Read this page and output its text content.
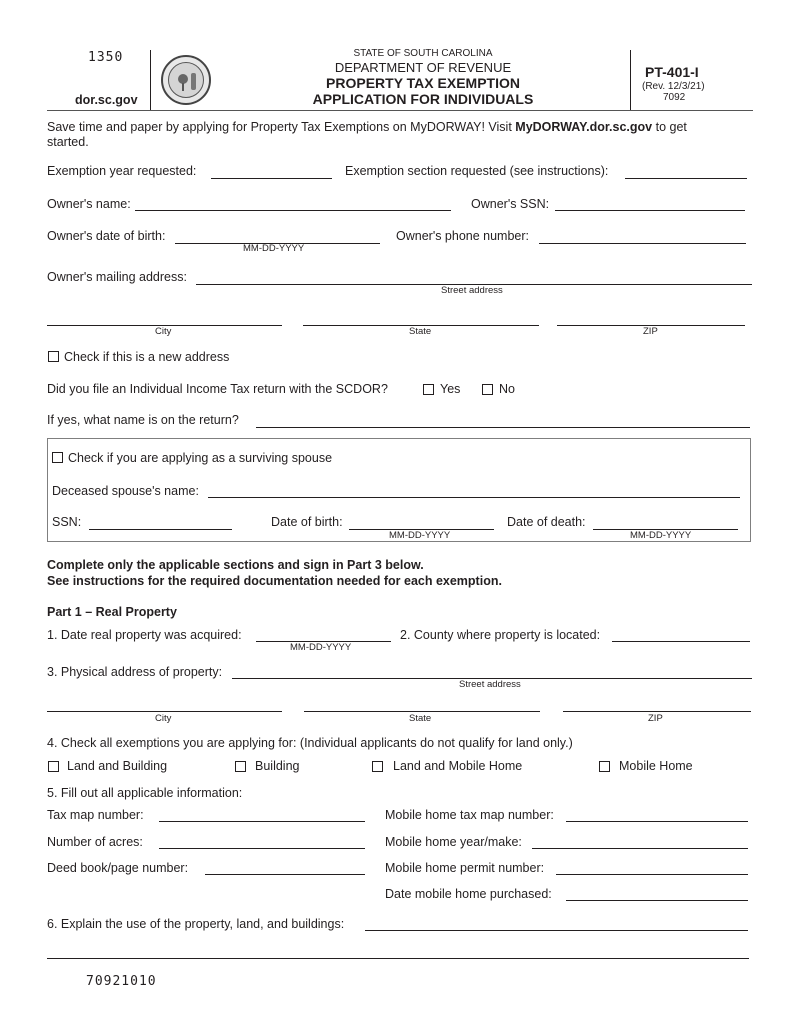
1350
dor.sc.gov
STATE OF SOUTH CAROLINA
DEPARTMENT OF REVENUE
PROPERTY TAX EXEMPTION
APPLICATION FOR INDIVIDUALS
PT-401-I
(Rev. 12/3/21)
7092
Save time and paper by applying for Property Tax Exemptions on MyDORWAY! Visit MyDORWAY.dor.sc.gov to get
started.
Exemption year requested:	Exemption section requested (see instructions):
Owner's name:	Owner's SSN:
Owner's date of birth:
MM-DD-YYYY
Owner's phone number:
Owner's mailing address:
Street address
City	State	ZIP
Check if this is a new address
Did you file an Individual Income Tax return with the SCDOR?	Yes	No
If yes, what name is on the return?
Check if you are applying as a surviving spouse
Deceased spouse's name:
SSN:	Date of birth:
MM-DD-YYYY
Date of death:
MM-DD-YYYY
Complete only the applicable sections and sign in Part 3 below.
See instructions for the required documentation needed for each exemption.
Part 1 – Real Property
1. Date real property was acquired:
MM-DD-YYYY
2. County where property is located:
3. Physical address of property:
Street address
City	State	ZIP
4. Check all exemptions you are applying for: (Individual applicants do not qualify for land only.)
Land and Building	Building	Land and Mobile Home	Mobile Home
5. Fill out all applicable information:
Tax map number:	Mobile home tax map number:
Number of acres:	Mobile home year/make:
Deed book/page number:	Mobile home permit number:
Date mobile home purchased:
6. Explain the use of the property, land, and buildings:
70921010
